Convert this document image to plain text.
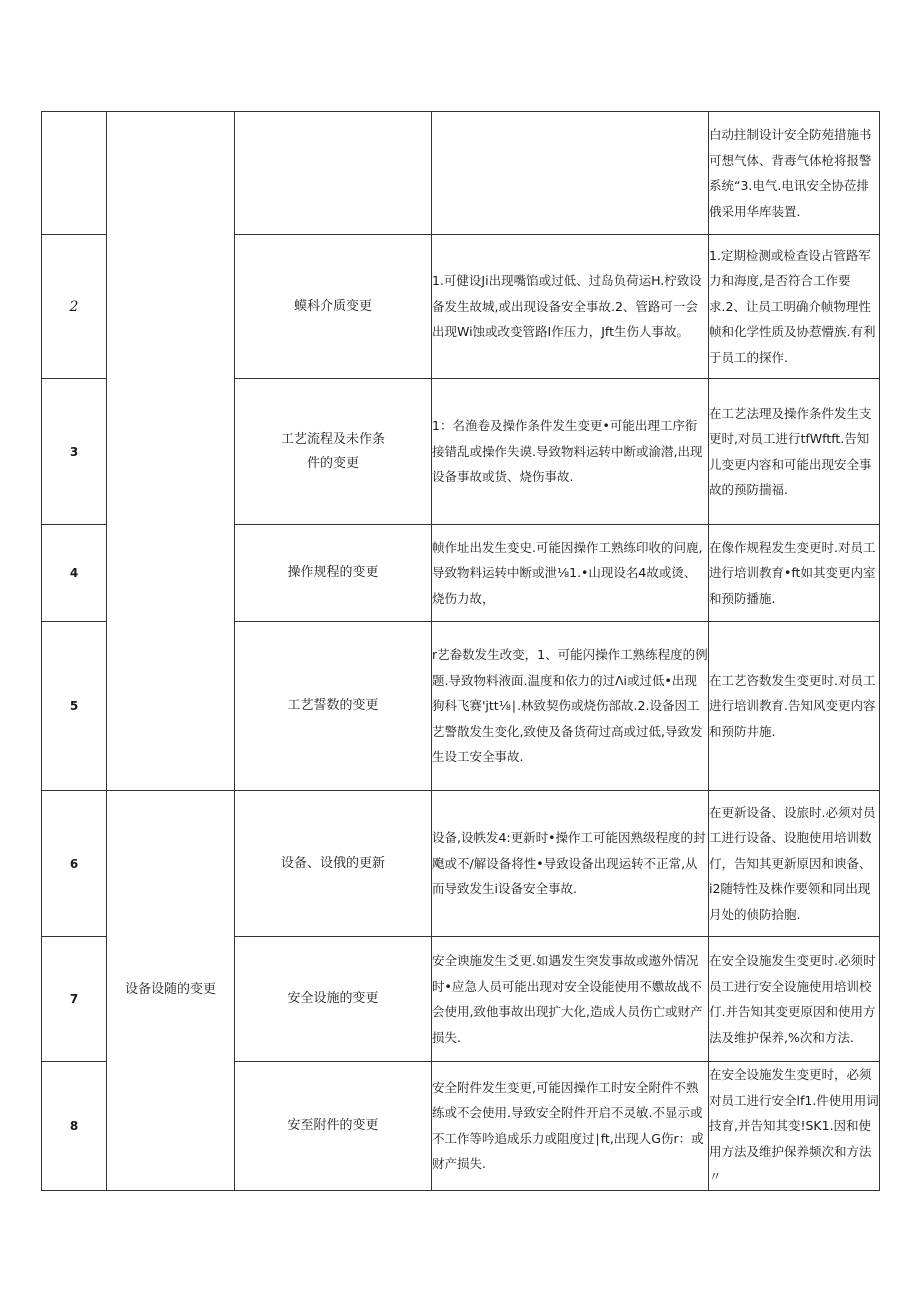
				白动拄制设计安全防苑措施书可想气体、背毒气体枪将报警系统“3.电气.电讯安全协莅排俄采用华库装置.
2		蟆科介质变更	1.可健设Ji出现嘴馅或过低、过岛负荷运H.柠致设备发生故城,或出现设备安全事故.2、管路可一会出现Wi蚀或改变管路I作压力，Jft生伤人事故。	1.定期检测或检查设占管路军力和海度,是否符合工作要求.2、让员工明确介帧物理性帧和化学性质及协惹懵族.有利于员工的探作.
3		工艺流程及未作条件的变更	1：名渔卷及操作条件发生变更•可能出理工序衔接错乱或操作失谟.导致物料运转中断或渝潜,出现设备事故或货、烧伤事故.	在工艺法理及操作条件发生支更时,对员工进行tfWftft.告知儿变更内容和可能出现安全事故的预防揣福.
4		操作规程的变更	帧作址出发生变史.可能因操作工熟练印收的问鹿,导致物料运转中断或泄⅛1.•山现设名4故或烫、烧伤力故，	在像作规程发生变更时.对员工进行培训教育•ft如其变更内室和预防播施.
5		工艺誓数的变更	r艺畚数发生改变，1、可能闪操作工熟练程度的例题.导致物料液面.温度和依力的过Λi或过低•出现狗科飞赛'jtt⅛∣.林致契伤或烧伤部故.2.设备因工艺警散发生变化,致使及备货荷过高或过低,导致发生设工安全事故.	在工艺咨数发生变更时.对员工进行培训教育.告知风变更内容和预防井施.
6	设备设随的变更	设备、设俄的更新	设备,设帙发4:更新时•操作工可能因熟级程度的封飑或不/解设备将性•导致设备出现运转不正常,从而导致发生i设备安全事故.	在更新设备、设旅时.必须对员工进行设备、设胞使用培训数仃，告知其更新原因和谀备、i2随特性及株作要领和同出现月处的侦防拾胞.
7		安全设施的变更	安全谀施发生爻更.如遇发生突发事故或遨外情况时•应急人员可能出现对安全设能使用不嫐故战不会使用,致他事故出现扩大化,造成人员伤亡或财产损失.	在安全设施发生变更时.必须时员工进行安全设施使用培训校仃.并告知其变更原因和使用方法及维护保养,%次和方法.
8		安至附件的变更	安全附件发生变更,可能因操作工时安全附件不熟练或不会使用.导致安全附件开启不灵敏.不显示或不工作等吟追成乐力或阻度过∣ft,出现人G伤r：或财产损失.	在安全设施发生变更时，必须对员工进行安全lf1.件使用用词技育,并告知其变!SK1.因和使用方法及维护保养频次和方法〃
